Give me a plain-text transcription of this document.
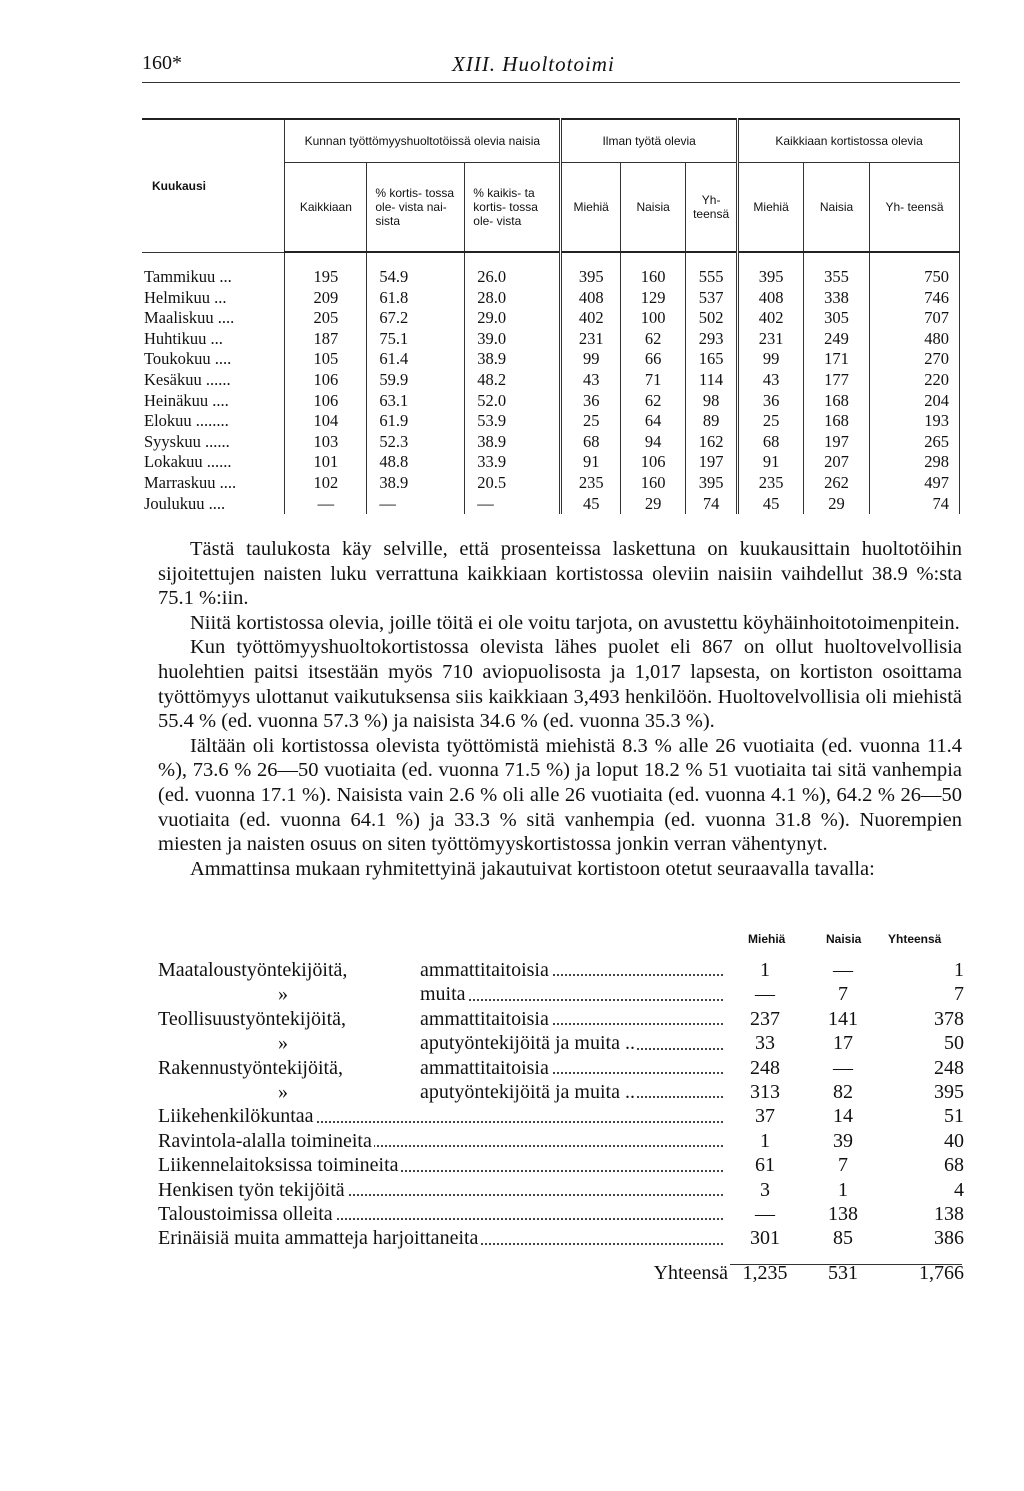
160*	XIII. Huoltotoimi
Kuukausi	Kunnan työttömyyshuoltotöissä olevia naisia			Ilman työtä olevia			Kaikkiaan kortistossa olevia		
	Kaikkiaan	% kortis- tossa ole- vista nai- sista	% kaikis- ta kortis- tossa ole- vista	Miehiä	Naisia	Yh- teensä	Miehiä	Naisia	Yh- teensä
Tammikuu ...	195	54.9	26.0	395	160	555	395	355	750
Helmikuu ...	209	61.8	28.0	408	129	537	408	338	746
Maaliskuu ....	205	67.2	29.0	402	100	502	402	305	707
Huhtikuu ...	187	75.1	39.0	231	62	293	231	249	480
Toukokuu ....	105	61.4	38.9	99	66	165	99	171	270
Kesäkuu ......	106	59.9	48.2	43	71	114	43	177	220
Heinäkuu ....	106	63.1	52.0	36	62	98	36	168	204
Elokuu ........	104	61.9	53.9	25	64	89	25	168	193
Syyskuu ......	103	52.3	38.9	68	94	162	68	197	265
Lokakuu ......	101	48.8	33.9	91	106	197	91	207	298
Marraskuu ....	102	38.9	20.5	235	160	395	235	262	497
Joulukuu ....	—	—	—	45	29	74	45	29	74

Tästä taulukosta käy selville, että prosenteissa laskettuna on kuukausittain huoltotöihin sijoitettujen naisten luku verrattuna kaikkiaan kortistossa oleviin naisiin vaihdellut 38.9 %:sta 75.1 %:iin.

Niitä kortistossa olevia, joille töitä ei ole voitu tarjota, on avustettu köyhäinhoitotoimenpitein.

Kun työttömyyshuoltokortistossa olevista lähes puolet eli 867 on ollut huoltovelvollisia huolehtien paitsi itsestään myös 710 aviopuolisosta ja 1,017 lapsesta, on kortiston osoittama työttömyys ulottanut vaikutuksensa siis kaikkiaan 3,493 henkilöön. Huoltovelvollisia oli miehistä 55.4 % (ed. vuonna 57.3 %) ja naisista 34.6 % (ed. vuonna 35.3 %).

Iältään oli kortistossa olevista työttömistä miehistä 8.3 % alle 26 vuotiaita (ed. vuonna 11.4 %), 73.6 % 26—50 vuotiaita (ed. vuonna 71.5 %) ja loput 18.2 % 51 vuotiaita tai sitä vanhempia (ed. vuonna 17.1 %). Naisista vain 2.6 % oli alle 26 vuotiaita (ed. vuonna 4.1 %), 64.2 % 26—50 vuotiaita (ed. vuonna 64.1 %) ja 33.3 % sitä vanhempia (ed. vuonna 31.8 %). Nuorempien miesten ja naisten osuus on siten työttömyyskortistossa jonkin verran vähentynyt.

Ammattinsa mukaan ryhmitettyinä jakautuivat kortistoon otetut seuraavalla tavalla:

Miehiä	Naisia Yhteensä
Maataloustyöntekijöitä,	ammattitaitoisia	1	—	1
»	muita	—	7	7
Teollisuustyöntekijöitä,	ammattitaitoisia	237	141	378
»	aputyöntekijöitä ja muita ..	33	17	50
Rakennustyöntekijöitä,	ammattitaitoisia	248	—	248
»	aputyöntekijöitä ja muita ..	313	82	395
Liikehenkilökuntaa	37	14	51
Ravintola-alalla toimineita	1	39	40
Liikennelaitoksissa toimineita	61	7	68
Henkisen työn tekijöitä	3	1	4
Taloustoimissa olleita	—	138	138
Erinäisiä muita ammatteja harjoittaneita	301	85	386
Yhteensä 1,235	531	1,766
